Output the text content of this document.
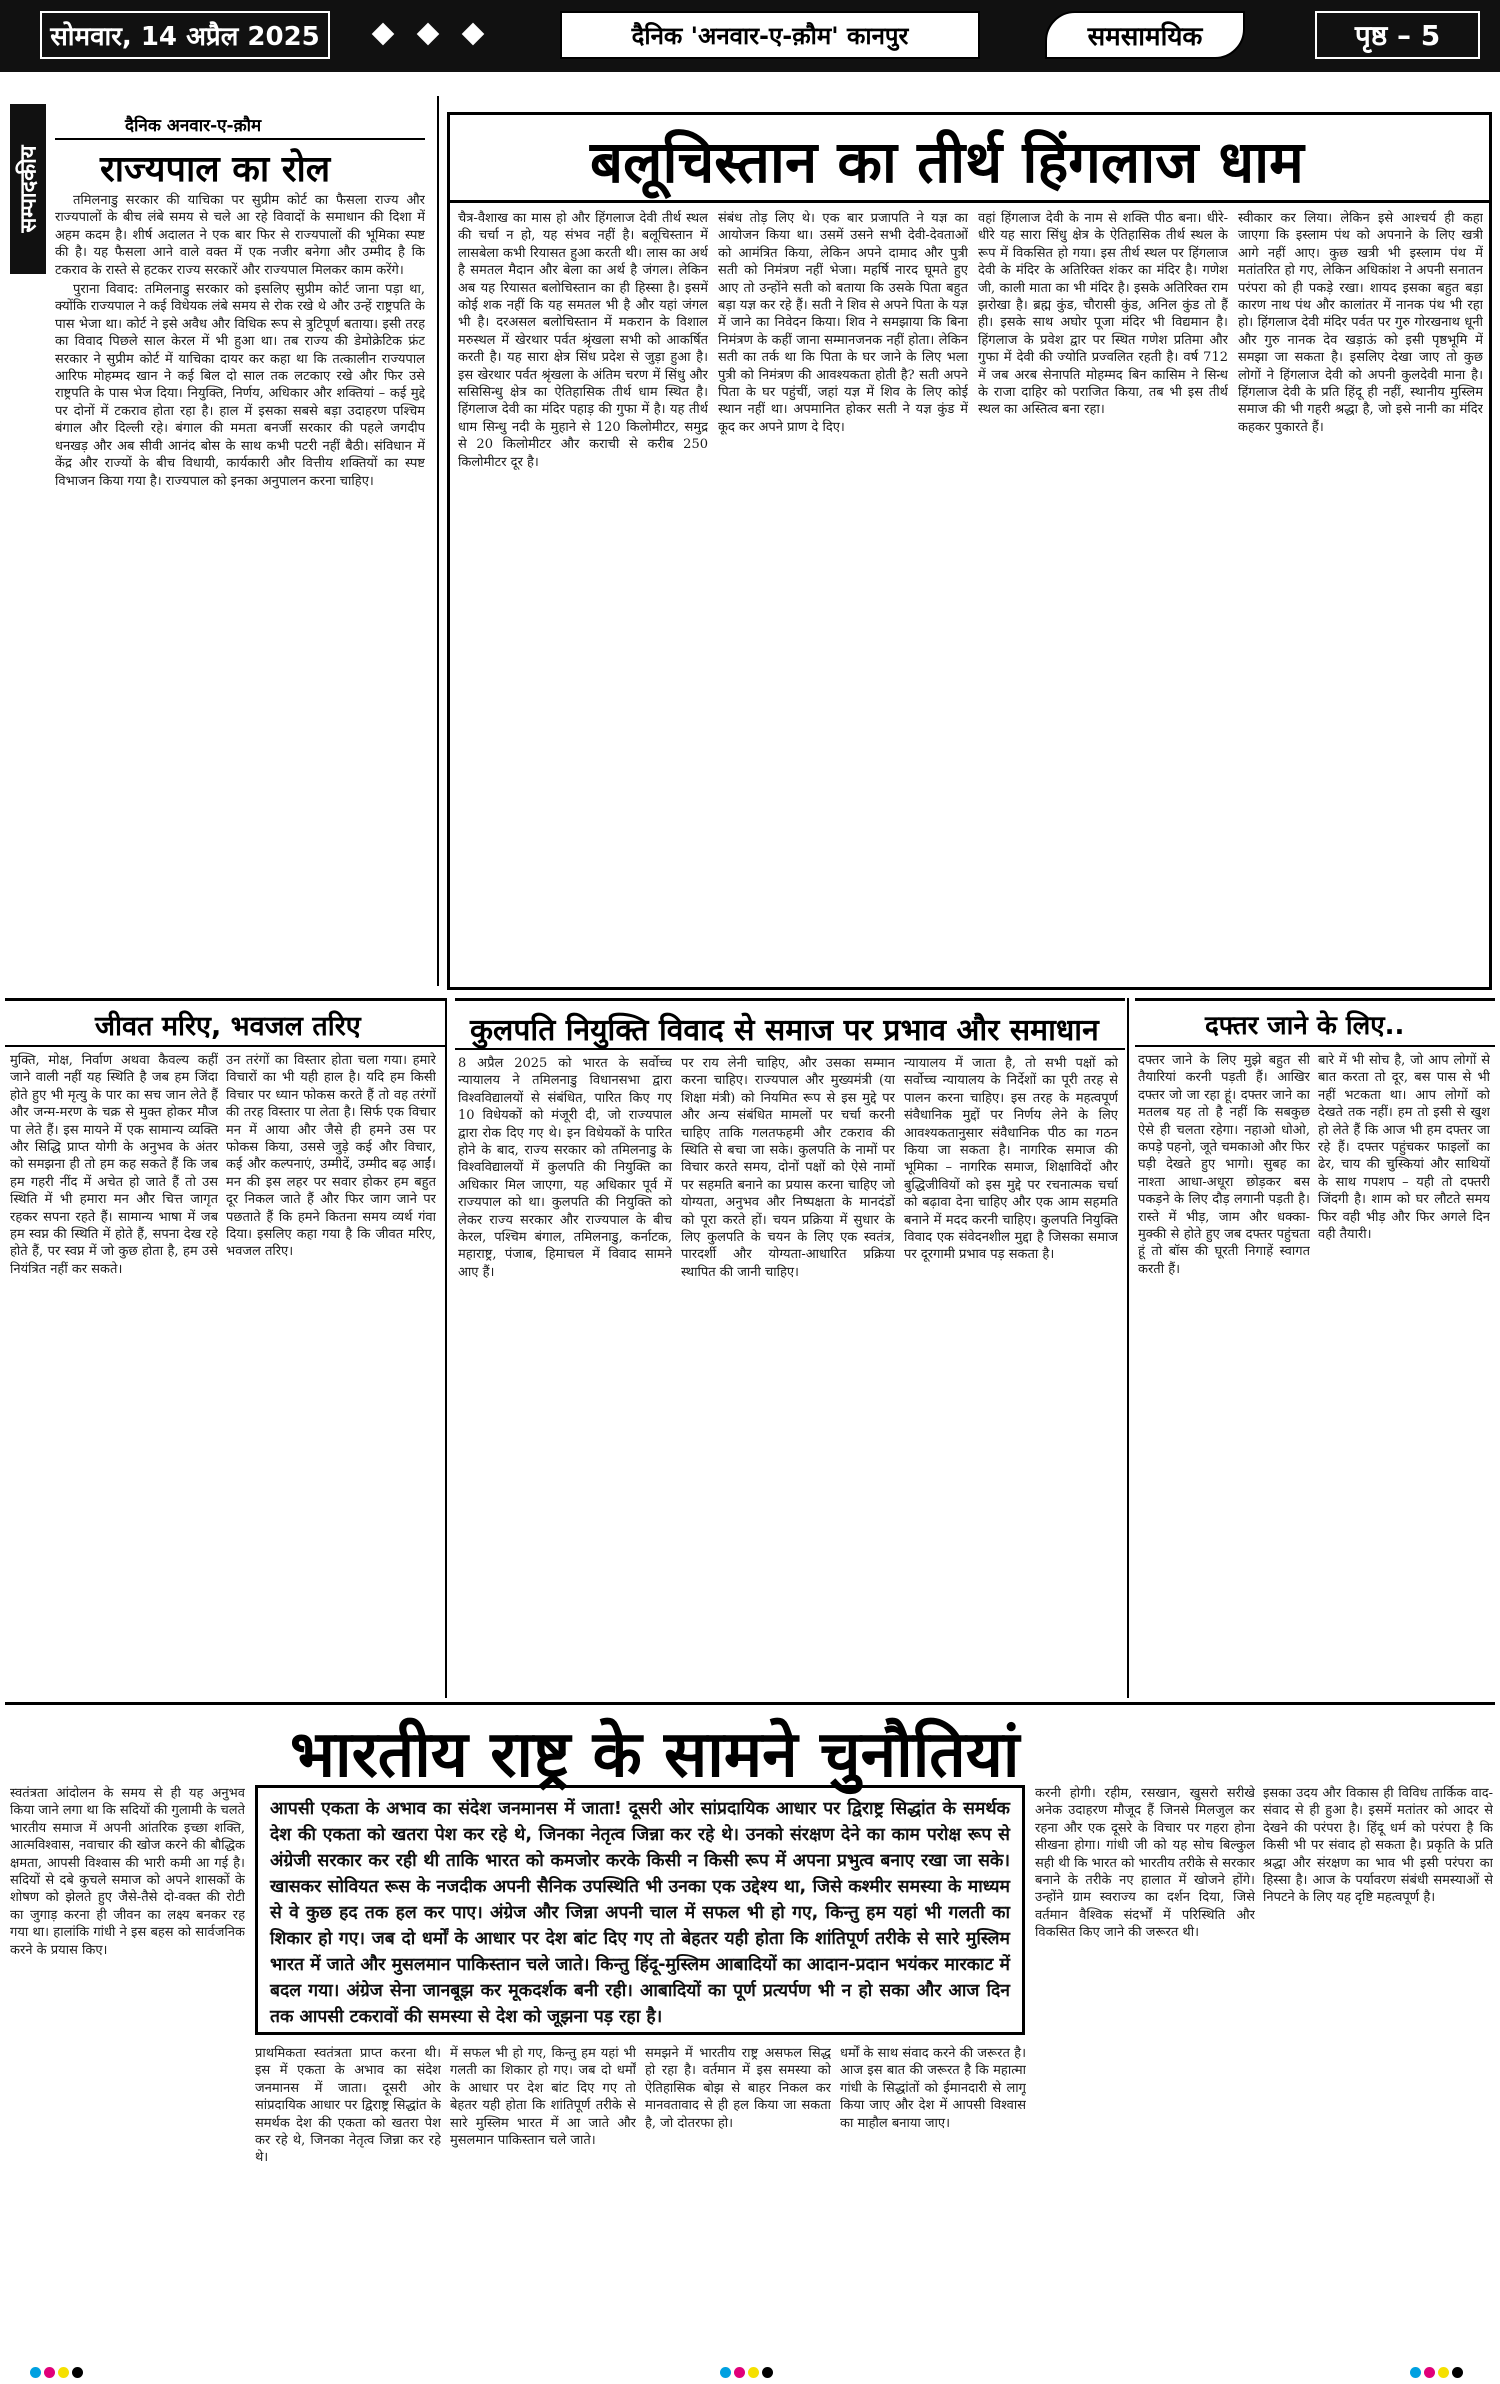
सोमवार, 14 अप्रैल 2025	दैनिक 'अनवार-ए-क़ौम' कानपुर	समसामयिक	पृष्ठ – 5
सम्पादकीय
दैनिक अनवार-ए-क़ौम
राज्यपाल का रोल

तमिलनाडु सरकार की याचिका पर सुप्रीम कोर्ट का फैसला राज्य और राज्यपालों के बीच लंबे समय से चले आ रहे विवादों के समाधान की दिशा में अहम कदम है। शीर्ष अदालत ने एक बार फिर से राज्यपालों की भूमिका स्पष्ट की है। यह फैसला आने वाले वक्त में एक नजीर बनेगा और उम्मीद है कि टकराव के रास्ते से हटकर राज्य सरकारें और राज्यपाल मिलकर काम करेंगे।

पुराना विवाद: तमिलनाडु सरकार को इसलिए सुप्रीम कोर्ट जाना पड़ा था, क्योंकि राज्यपाल ने कई विधेयक लंबे समय से रोक रखे थे और उन्हें राष्ट्रपति के पास भेजा था। कोर्ट ने इसे अवैध और विधिक रूप से त्रुटिपूर्ण बताया। इसी तरह का विवाद पिछले साल केरल में भी हुआ था। तब राज्य की डेमोक्रेटिक फ्रंट सरकार ने सुप्रीम कोर्ट में याचिका दायर कर कहा था कि तत्कालीन राज्यपाल आरिफ मोहम्मद खान ने कई बिल दो साल तक लटकाए रखे और फिर उसे राष्ट्रपति के पास भेज दिया। नियुक्ति, निर्णय, अधिकार और शक्तियां – कई मुद्दे पर दोनों में टकराव होता रहा है। हाल में इसका सबसे बड़ा उदाहरण पश्चिम बंगाल और दिल्ली रहे। बंगाल की ममता बनर्जी सरकार की पहले जगदीप धनखड़ और अब सीवी आनंद बोस के साथ कभी पटरी नहीं बैठी। संविधान में केंद्र और राज्यों के बीच विधायी, कार्यकारी और वित्तीय शक्तियों का स्पष्ट विभाजन किया गया है। राज्यपाल को इनका अनुपालन करना चाहिए।

बलूचिस्तान का तीर्थ हिंगलाज धाम
चैत्र-वैशाख का मास हो और हिंगलाज देवी तीर्थ स्थल की चर्चा न हो, यह संभव नहीं है। बलूचिस्तान में लासबेला कभी रियासत हुआ करती थी। लास का अर्थ है समतल मैदान और बेला का अर्थ है जंगल। लेकिन अब यह रियासत बलोचिस्तान का ही हिस्सा है। इसमें कोई शक नहीं कि यह समतल भी है और यहां जंगल भी है। दरअसल बलोचिस्तान में मकरान के विशाल मरुस्थल में खेरथार पर्वत श्रृंखला सभी को आकर्षित करती है। यह सारा क्षेत्र सिंध प्रदेश से जुड़ा हुआ है। इस खेरथार पर्वत श्रृंखला के अंतिम चरण में सिंधु और ससिसिन्धु क्षेत्र का ऐतिहासिक तीर्थ धाम स्थित है। हिंगलाज देवी का मंदिर पहाड़ की गुफा में है। यह तीर्थ धाम सिन्धु नदी के मुहाने से 120 किलोमीटर, समुद्र से 20 किलोमीटर और कराची से करीब 250 किलोमीटर दूर है।
संबंध तोड़ लिए थे। एक बार प्रजापति ने यज्ञ का आयोजन किया था। उसमें उसने सभी देवी-देवताओं को आमंत्रित किया, लेकिन अपने दामाद और पुत्री सती को निमंत्रण नहीं भेजा। महर्षि नारद घूमते हुए आए तो उन्होंने सती को बताया कि उसके पिता बहुत बड़ा यज्ञ कर रहे हैं। सती ने शिव से अपने पिता के यज्ञ में जाने का निवेदन किया। शिव ने समझाया कि बिना निमंत्रण के कहीं जाना सम्मानजनक नहीं होता। लेकिन सती का तर्क था कि पिता के घर जाने के लिए भला पुत्री को निमंत्रण की आवश्यकता होती है? सती अपने पिता के घर पहुंचीं, जहां यज्ञ में शिव के लिए कोई स्थान नहीं था। अपमानित होकर सती ने यज्ञ कुंड में कूद कर अपने प्राण दे दिए।
वहां हिंगलाज देवी के नाम से शक्ति पीठ बना। धीरे-धीरे यह सारा सिंधु क्षेत्र के ऐतिहासिक तीर्थ स्थल के रूप में विकसित हो गया। इस तीर्थ स्थल पर हिंगलाज देवी के मंदिर के अतिरिक्त शंकर का मंदिर है। गणेश जी, काली माता का भी मंदिर है। इसके अतिरिक्त राम झरोखा है। ब्रह्म कुंड, चौरासी कुंड, अनिल कुंड तो हैं ही। इसके साथ अघोर पूजा मंदिर भी विद्यमान है। हिंगलाज के प्रवेश द्वार पर स्थित गणेश प्रतिमा और गुफा में देवी की ज्योति प्रज्वलित रहती है। वर्ष 712 में जब अरब सेनापति मोहम्मद बिन कासिम ने सिन्ध के राजा दाहिर को पराजित किया, तब भी इस तीर्थ स्थल का अस्तित्व बना रहा।
स्वीकार कर लिया। लेकिन इसे आश्चर्य ही कहा जाएगा कि इस्लाम पंथ को अपनाने के लिए खत्री आगे नहीं आए। कुछ खत्री भी इस्लाम पंथ में मतांतरित हो गए, लेकिन अधिकांश ने अपनी सनातन परंपरा को ही पकड़े रखा। शायद इसका बहुत बड़ा कारण नाथ पंथ और कालांतर में नानक पंथ भी रहा हो। हिंगलाज देवी मंदिर पर्वत पर गुरु गोरखनाथ धूनी और गुरु नानक देव खड़ाऊं को इसी पृष्ठभूमि में समझा जा सकता है। इसलिए देखा जाए तो कुछ लोगों ने हिंगलाज देवी को अपनी कुलदेवी माना है। हिंगलाज देवी के प्रति हिंदू ही नहीं, स्थानीय मुस्लिम समाज की भी गहरी श्रद्धा है, जो इसे नानी का मंदिर कहकर पुकारते हैं।
जीवत मरिए, भवजल तरिए
मुक्ति, मोक्ष, निर्वाण अथवा कैवल्य कहीं जाने वाली नहीं यह स्थिति है जब हम जिंदा होते हुए भी मृत्यु के पार का सच जान लेते हैं और जन्म-मरण के चक्र से मुक्त होकर मौज पा लेते हैं। इस मायने में एक सामान्य व्यक्ति और सिद्धि प्राप्त योगी के अनुभव के अंतर को समझना ही तो हम कह सकते हैं कि जब हम गहरी नींद में अचेत हो जाते हैं तो उस स्थिति में भी हमारा मन और चित्त जागृत रहकर सपना रहते हैं। सामान्य भाषा में जब हम स्वप्न की स्थिति में होते हैं, सपना देख रहे होते हैं, पर स्वप्न में जो कुछ होता है, हम उसे नियंत्रित नहीं कर सकते।
उन तरंगों का विस्तार होता चला गया। हमारे विचारों का भी यही हाल है। यदि हम किसी विचार पर ध्यान फोकस करते हैं तो वह तरंगों की तरह विस्तार पा लेता है। सिर्फ एक विचार मन में आया और जैसे ही हमने उस पर फोकस किया, उससे जुड़े कई और विचार, कई और कल्पनाएं, उम्मीदें, उम्मीद बढ़ आईं। मन की इस लहर पर सवार होकर हम बहुत दूर निकल जाते हैं और फिर जाग जाने पर पछताते हैं कि हमने कितना समय व्यर्थ गंवा दिया। इसलिए कहा गया है कि जीवत मरिए, भवजल तरिए।
कुलपति नियुक्ति विवाद से समाज पर प्रभाव और समाधान
8 अप्रैल 2025 को भारत के सर्वोच्च न्यायालय ने तमिलनाडु विधानसभा द्वारा विश्वविद्यालयों से संबंधित, पारित किए गए 10 विधेयकों को मंजूरी दी, जो राज्यपाल द्वारा रोक दिए गए थे। इन विधेयकों के पारित होने के बाद, राज्य सरकार को तमिलनाडु के विश्वविद्यालयों में कुलपति की नियुक्ति का अधिकार मिल जाएगा, यह अधिकार पूर्व में राज्यपाल को था। कुलपति की नियुक्ति को लेकर राज्य सरकार और राज्यपाल के बीच केरल, पश्चिम बंगाल, तमिलनाडु, कर्नाटक, महाराष्ट्र, पंजाब, हिमाचल में विवाद सामने आए हैं।
पर राय लेनी चाहिए, और उसका सम्मान करना चाहिए। राज्यपाल और मुख्यमंत्री (या शिक्षा मंत्री) को नियमित रूप से इस मुद्दे पर और अन्य संबंधित मामलों पर चर्चा करनी चाहिए ताकि गलतफहमी और टकराव की स्थिति से बचा जा सके। कुलपति के नामों पर विचार करते समय, दोनों पक्षों को ऐसे नामों पर सहमति बनाने का प्रयास करना चाहिए जो योग्यता, अनुभव और निष्पक्षता के मानदंडों को पूरा करते हों। चयन प्रक्रिया में सुधार के लिए कुलपति के चयन के लिए एक स्वतंत्र, पारदर्शी और योग्यता-आधारित प्रक्रिया स्थापित की जानी चाहिए।
न्यायालय में जाता है, तो सभी पक्षों को सर्वोच्च न्यायालय के निर्देशों का पूरी तरह से पालन करना चाहिए। इस तरह के महत्वपूर्ण संवैधानिक मुद्दों पर निर्णय लेने के लिए आवश्यकतानुसार संवैधानिक पीठ का गठन किया जा सकता है। नागरिक समाज की भूमिका – नागरिक समाज, शिक्षाविदों और बुद्धिजीवियों को इस मुद्दे पर रचनात्मक चर्चा को बढ़ावा देना चाहिए और एक आम सहमति बनाने में मदद करनी चाहिए। कुलपति नियुक्ति विवाद एक संवेदनशील मुद्दा है जिसका समाज पर दूरगामी प्रभाव पड़ सकता है।
दफ्तर जाने के लिए..
दफ्तर जाने के लिए मुझे बहुत सी तैयारियां करनी पड़ती हैं। आखिर दफ्तर जो जा रहा हूं। दफ्तर जाने का मतलब यह तो है नहीं कि सबकुछ ऐसे ही चलता रहेगा। नहाओ धोओ, कपड़े पहनो, जूते चमकाओ और फिर घड़ी देखते हुए भागो। सुबह का नाश्ता आधा-अधूरा छोड़कर बस पकड़ने के लिए दौड़ लगानी पड़ती है। रास्ते में भीड़, जाम और धक्का-मुक्की से होते हुए जब दफ्तर पहुंचता हूं तो बॉस की घूरती निगाहें स्वागत करती हैं।
बारे में भी सोच है, जो आप लोगों से बात करता तो दूर, बस पास से भी नहीं भटकता था। आप लोगों को देखते तक नहीं। हम तो इसी से खुश हो लेते हैं कि आज भी हम दफ्तर जा रहे हैं। दफ्तर पहुंचकर फाइलों का ढेर, चाय की चुस्कियां और साथियों के साथ गपशप – यही तो दफ्तरी जिंदगी है। शाम को घर लौटते समय फिर वही भीड़ और फिर अगले दिन वही तैयारी।
भारतीय राष्ट्र के सामने चुनौतियां
स्वतंत्रता आंदोलन के समय से ही यह अनुभव किया जाने लगा था कि सदियों की गुलामी के चलते भारतीय समाज में अपनी आंतरिक इच्छा शक्ति, आत्मविश्वास, नवाचार की खोज करने की बौद्धिक क्षमता, आपसी विश्वास की भारी कमी आ गई है। सदियों से दबे कुचले समाज को अपने शासकों के शोषण को झेलते हुए जैसे-तैसे दो-वक्त की रोटी का जुगाड़ करना ही जीवन का लक्ष्य बनकर रह गया था। हालांकि गांधी ने इस बहस को सार्वजनिक करने के प्रयास किए।
आपसी एकता के अभाव का संदेश जनमानस में जाता! दूसरी ओर सांप्रदायिक आधार पर द्विराष्ट्र सिद्धांत के समर्थक देश की एकता को खतरा पेश कर रहे थे, जिनका नेतृत्व जिन्ना कर रहे थे। उनको संरक्षण देने का काम परोक्ष रूप से अंग्रेजी सरकार कर रही थी ताकि भारत को कमजोर करके किसी न किसी रूप में अपना प्रभुत्व बनाए रखा जा सके। खासकर सोवियत रूस के नजदीक अपनी सैनिक उपस्थिति भी उनका एक उद्देश्य था, जिसे कश्मीर समस्या के माध्यम से वे कुछ हद तक हल कर पाए। अंग्रेज और जिन्ना अपनी चाल में सफल भी हो गए, किन्तु हम यहां भी गलती का शिकार हो गए। जब दो धर्मों के आधार पर देश बांट दिए गए तो बेहतर यही होता कि शांतिपूर्ण तरीके से सारे मुस्लिम भारत में जाते और मुसलमान पाकिस्तान चले जाते। किन्तु हिंदू-मुस्लिम आबादियों का आदान-प्रदान भयंकर मारकाट में बदल गया। अंग्रेज सेना जानबूझ कर मूकदर्शक बनी रही। आबादियों का पूर्ण प्रत्यर्पण भी न हो सका और आज दिन तक आपसी टकरावों की समस्या से देश को जूझना पड़ रहा है।
करनी होगी। रहीम, रसखान, खुसरो सरीखे अनेक उदाहरण मौजूद हैं जिनसे मिलजुल कर रहना और एक दूसरे के विचार पर गहरा होना सीखना होगा। गांधी जी को यह सोच बिल्कुल सही थी कि भारत को भारतीय तरीके से सरकार बनाने के तरीके नए हालात में खोजने होंगे। उन्होंने ग्राम स्वराज्य का दर्शन दिया, जिसे वर्तमान वैश्विक संदर्भों में परिस्थिति और विकसित किए जाने की जरूरत थी।
इसका उदय और विकास ही विविध तार्किक वाद-संवाद से ही हुआ है। इसमें मतांतर को आदर से देखने की परंपरा है। हिंदू धर्म को परंपरा है कि किसी भी पर संवाद हो सकता है। प्रकृति के प्रति श्रद्धा और संरक्षण का भाव भी इसी परंपरा का हिस्सा है। आज के पर्यावरण संबंधी समस्याओं से निपटने के लिए यह दृष्टि महत्वपूर्ण है।
प्राथमिकता स्वतंत्रता प्राप्त करना थी। इस में एकता के अभाव का संदेश जनमानस में जाता। दूसरी ओर सांप्रदायिक आधार पर द्विराष्ट्र सिद्धांत के समर्थक देश की एकता को खतरा पेश कर रहे थे, जिनका नेतृत्व जिन्ना कर रहे थे।
में सफल भी हो गए, किन्तु हम यहां भी गलती का शिकार हो गए। जब दो धर्मों के आधार पर देश बांट दिए गए तो बेहतर यही होता कि शांतिपूर्ण तरीके से सारे मुस्लिम भारत में आ जाते और मुसलमान पाकिस्तान चले जाते।
समझने में भारतीय राष्ट्र असफल सिद्ध हो रहा है। वर्तमान में इस समस्या को ऐतिहासिक बोझ से बाहर निकल कर मानवतावाद से ही हल किया जा सकता है, जो दोतरफा हो।
धर्मों के साथ संवाद करने की जरूरत है। आज इस बात की जरूरत है कि महात्मा गांधी के सिद्धांतों को ईमानदारी से लागू किया जाए और देश में आपसी विश्वास का माहौल बनाया जाए।
